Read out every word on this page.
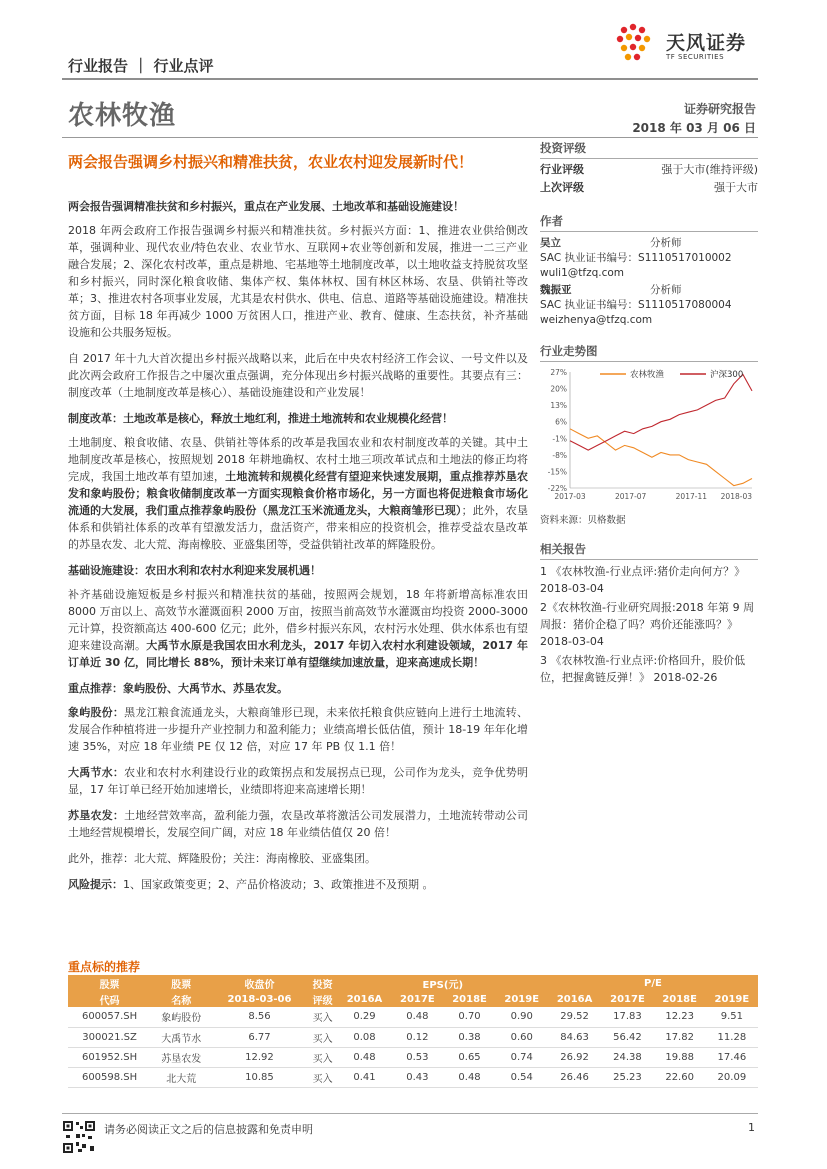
行业报告 ｜ 行业点评
天风证券
TF SECURITIES
农林牧渔	证券研究报告
2018 年 03 月 06 日
两会报告强调乡村振兴和精准扶贫，农业农村迎发展新时代！
两会报告强调精准扶贫和乡村振兴，重点在产业发展、土地改革和基础设施建设！
2018 年两会政府工作报告强调乡村振兴和精准扶贫。乡村振兴方面：1、推进农业供给侧改革，强调种业、现代农业/特色农业、农业节水、互联网+农业等创新和发展，推进一二三产业融合发展；2、深化农村改革，重点是耕地、宅基地等土地制度改革，以土地收益支持脱贫攻坚和乡村振兴，同时深化粮食收储、集体产权、集体林权、国有林区林场、农垦、供销社等改革；3、推进农村各项事业发展，尤其是农村供水、供电、信息、道路等基础设施建设。精准扶贫方面，目标 18 年再减少 1000 万贫困人口，推进产业、教育、健康、生态扶贫，补齐基础设施和公共服务短板。
自 2017 年十九大首次提出乡村振兴战略以来，此后在中央农村经济工作会议、一号文件以及此次两会政府工作报告之中屡次重点强调，充分体现出乡村振兴战略的重要性。其要点有三：制度改革（土地制度改革是核心）、基础设施建设和产业发展！
制度改革：土地改革是核心，释放土地红利，推进土地流转和农业规模化经营！
土地制度、粮食收储、农垦、供销社等体系的改革是我国农业和农村制度改革的关键。其中土地制度改革是核心，按照规划 2018 年耕地确权、农村土地三项改革试点和土地法的修正均将完成，我国土地改革有望加速，土地流转和规模化经营有望迎来快速发展期，重点推荐苏垦农发和象屿股份；粮食收储制度改革一方面实现粮食价格市场化，另一方面也将促进粮食市场化流通的大发展，我们重点推荐象屿股份（黑龙江玉米流通龙头，大粮商雏形已现）；此外，农垦体系和供销社体系的改革有望激发活力，盘活资产，带来相应的投资机会，推荐受益农垦改革的苏垦农发、北大荒、海南橡胶、亚盛集团等，受益供销社改革的辉隆股份。
基础设施建设：农田水利和农村水利迎来发展机遇！
补齐基础设施短板是乡村振兴和精准扶贫的基础，按照两会规划，18 年将新增高标准农田 8000 万亩以上、高效节水灌溉面积 2000 万亩，按照当前高效节水灌溉亩均投资 2000-3000 元计算，投资额高达 400-600 亿元；此外，借乡村振兴东风，农村污水处理、供水体系也有望迎来建设高潮。大禹节水原是我国农田水利龙头，2017 年切入农村水利建设领域，2017 年订单近 30 亿，同比增长 88%，预计未来订单有望继续加速放量，迎来高速成长期！
重点推荐：象屿股份、大禹节水、苏垦农发。
象屿股份：黑龙江粮食流通龙头，大粮商雏形已现，未来依托粮食供应链向上进行土地流转、发展合作种植将进一步提升产业控制力和盈利能力；业绩高增长低估值，预计 18-19 年年化增速 35%，对应 18 年业绩 PE 仅 12 倍，对应 17 年 PB 仅 1.1 倍！
大禹节水：农业和农村水利建设行业的政策拐点和发展拐点已现，公司作为龙头，竞争优势明显，17 年订单已经开始加速增长，业绩即将迎来高速增长期！
苏垦农发：土地经营效率高，盈利能力强，农垦改革将激活公司发展潜力，土地流转带动公司土地经营规模增长，发展空间广阔，对应 18 年业绩估值仅 20 倍！
此外，推荐：北大荒、辉隆股份；关注：海南橡胶、亚盛集团。
风险提示：1、国家政策变更；2、产品价格波动；3、政策推进不及预期 。
投资评级
行业评级	强于大市(维持评级)
上次评级	强于大市
作者
吴立	分析师
SAC 执业证书编号：S1110517010002
wuli1@tfzq.com
魏振亚	分析师
SAC 执业证书编号：S1110517080004
weizhenya@tfzq.com
行业走势图
27%
20%
13%
6%
-1%
-8%
-15%
-22%
2017-03	2017-07	2017-11 2018-03
农林牧渔	沪深300
资料来源：贝格数据
相关报告
1 《农林牧渔-行业点评:猪价走向何方？》 2018-03-04
2《农林牧渔-行业研究周报:2018 年第 9 周周报：猪价企稳了吗？鸡价还能涨吗？》 2018-03-04
3 《农林牧渔-行业点评:价格回升，股价低位，把握禽链反弹！》 2018-02-26
重点标的推荐
股票	股票	收盘价	投资	EPS(元)				P/E			
代码	名称	2018-03-06	评级	2016A	2017E	2018E	2019E	2016A	2017E	2018E	2019E
600057.SH	象屿股份	8.56	买入	0.29	0.48	0.70	0.90	29.52	17.83	12.23	9.51
300021.SZ	大禹节水	6.77	买入	0.08	0.12	0.38	0.60	84.63	56.42	17.82	11.28
601952.SH	苏垦农发	12.92	买入	0.48	0.53	0.65	0.74	26.92	24.38	19.88	17.46
600598.SH	北大荒	10.85	买入	0.41	0.43	0.48	0.54	26.46	25.23	22.60	20.09
请务必阅读正文之后的信息披露和免责申明	1
